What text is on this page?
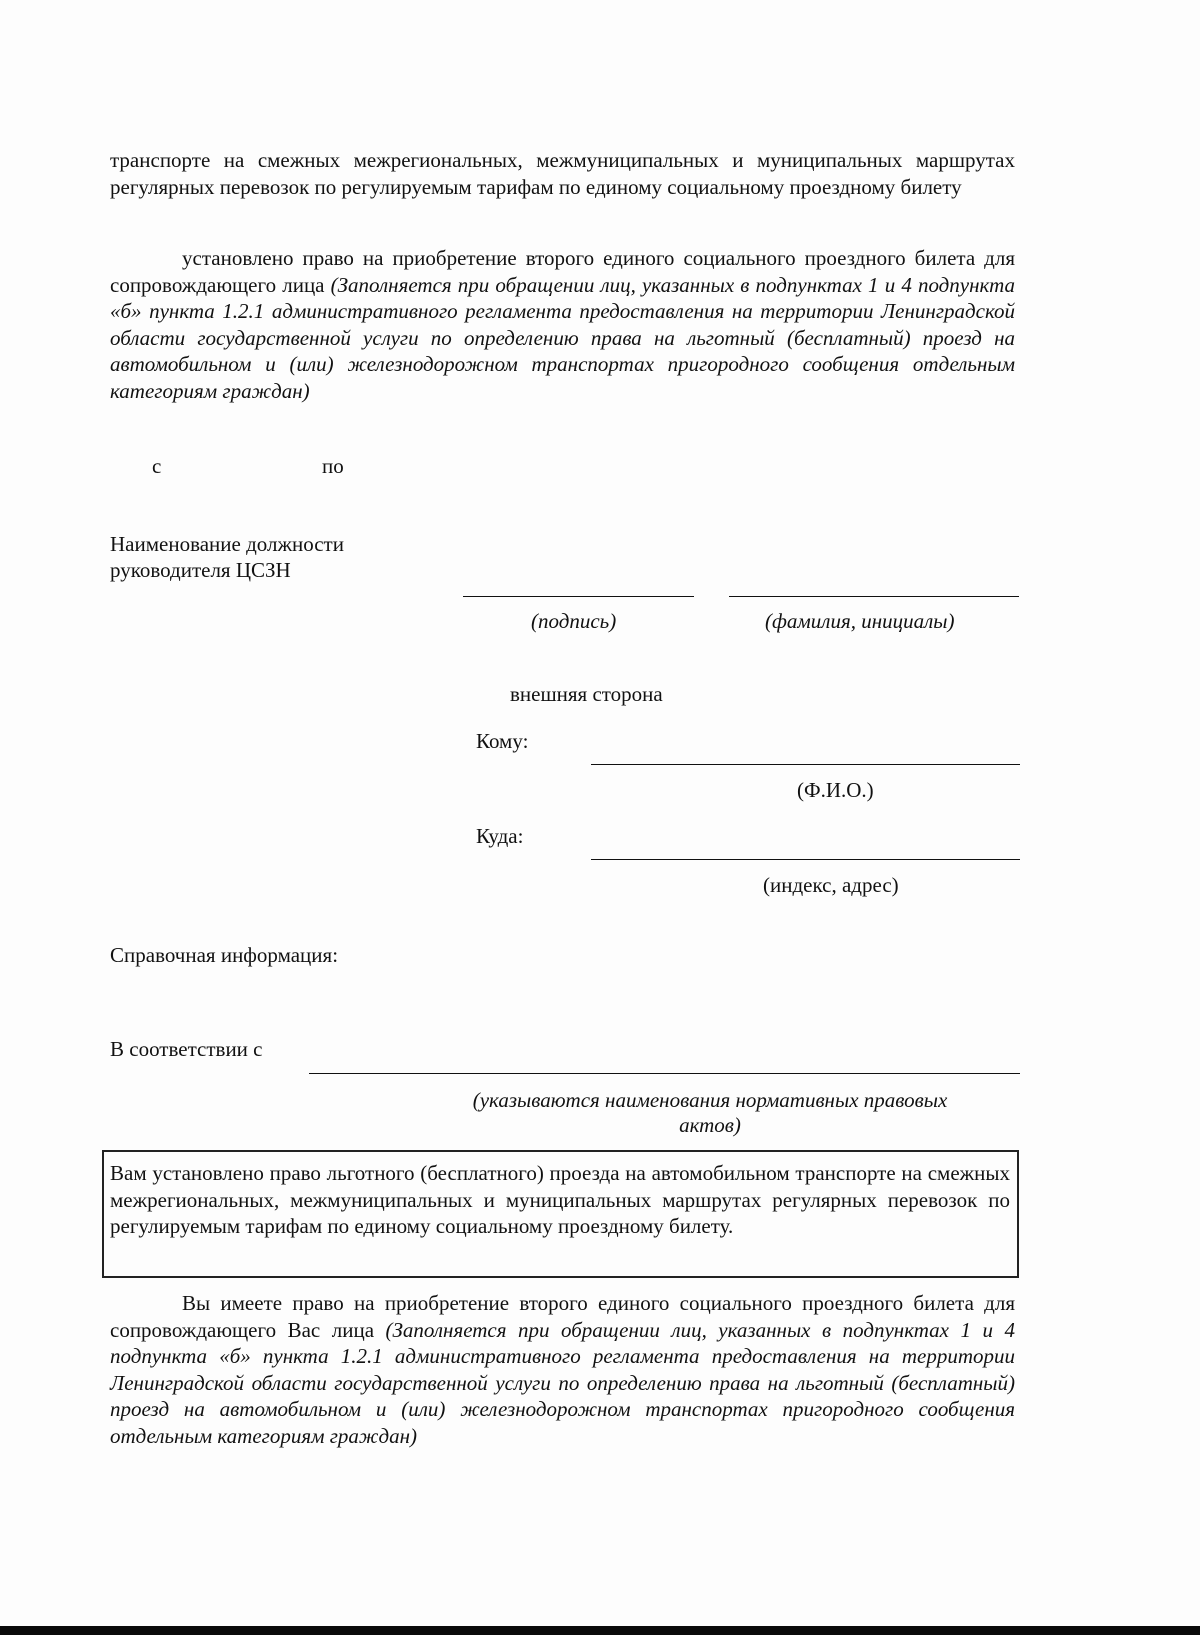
транспорте на смежных межрегиональных, межмуниципальных и муниципальных маршрутах регулярных перевозок по регулируемым тарифам по единому социальному проездному билету
установлено право на приобретение второго единого социального проездного билета для сопровождающего лица (Заполняется при обращении лиц, указанных в подпунктах 1 и 4 подпункта «б» пункта 1.2.1 административного регламента предоставления на территории Ленинградской области государственной услуги по определению права на льготный (бесплатный) проезд на автомобильном и (или) железнодорожном транспортах пригородного сообщения отдельным категориям граждан)
с	по
Наименование должности
руководителя ЦСЗН
(подпись)	(фамилия, инициалы)
внешняя сторона
Кому:
(Ф.И.О.)
Куда:
(индекс, адрес)
Справочная информация:
В соответствии с
(указываются наименования нормативных правовых
актов)
Вам установлено право льготного (бесплатного) проезда на автомобильном транспорте на смежных межрегиональных, межмуниципальных и муниципальных маршрутах регулярных перевозок по регулируемым тарифам по единому социальному проездному билету.
Вы имеете право на приобретение второго единого социального проездного билета для сопровождающего Вас лица (Заполняется при обращении лиц, указанных в подпунктах 1 и 4 подпункта «б» пункта 1.2.1 административного регламента предоставления на территории Ленинградской области государственной услуги по определению права на льготный (бесплатный) проезд на автомобильном и (или) железнодорожном транспортах пригородного сообщения отдельным категориям граждан)
